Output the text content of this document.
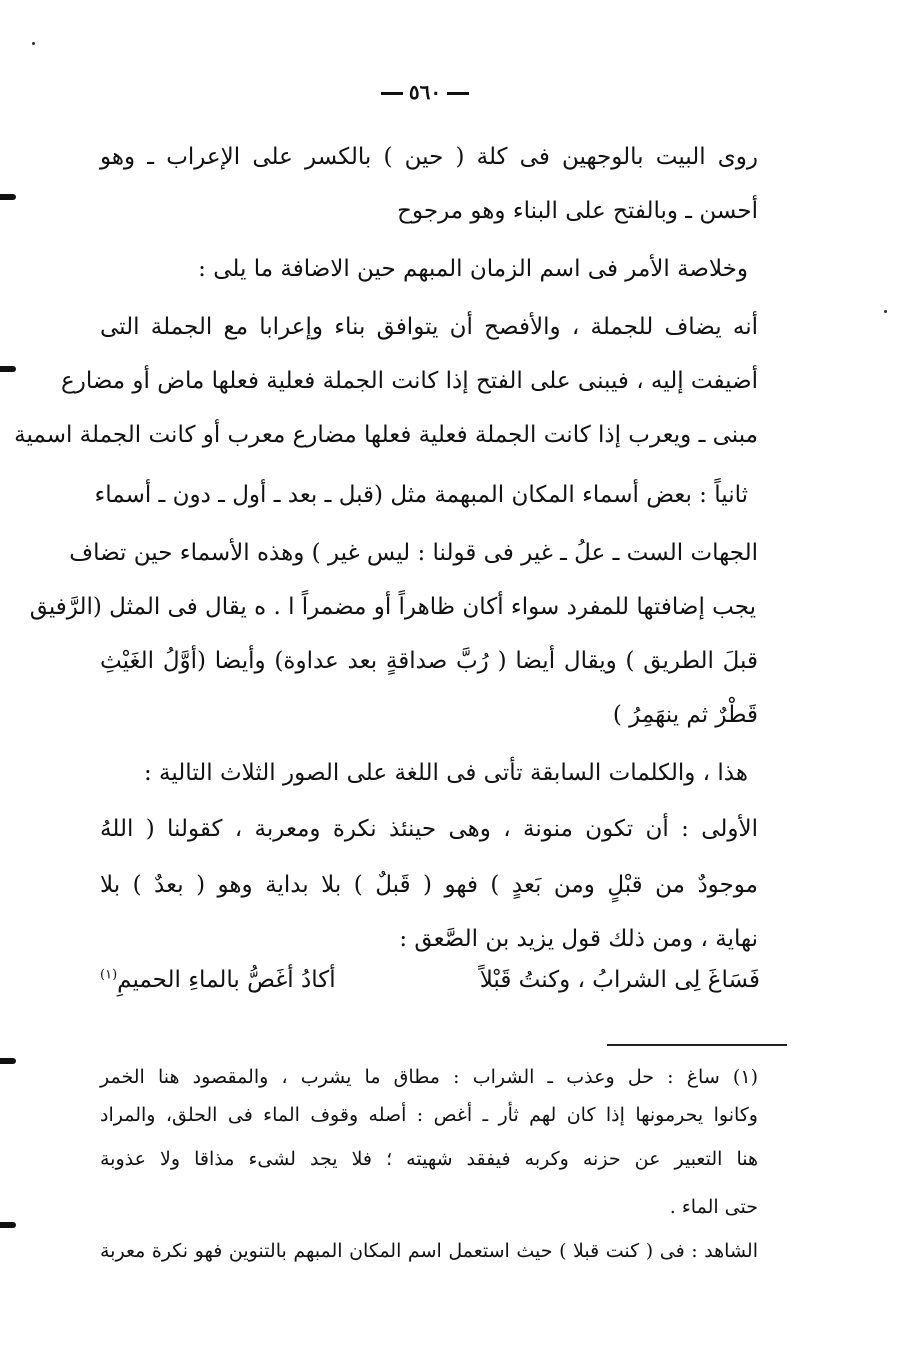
٥٦٠
روى البيت بالوجهين فى كلة ( حين ) بالكسر على الإعراب ـ وهو
أحسن ـ وبالفتح على البناء وهو مرجوح
وخلاصة الأمر فى اسم الزمان المبهم حين الاضافة ما يلى :
أنه يضاف للجملة ، والأفصح أن يتوافق بناء وإعرابا مع الجملة التى
أضيفت إليه ، فيبنى على الفتح إذا كانت الجملة فعلية فعلها ماض أو مضارع
مبنى ـ ويعرب إذا كانت الجملة فعلية فعلها مضارع معرب أو كانت الجملة اسمية
ثانياً : بعض أسماء المكان المبهمة مثل (قبل ـ بعد ـ أول ـ دون ـ أسماء
الجهات الست ـ علُ ـ غير فى قولنا : ليس غير ) وهذه الأسماء حين تضاف
يجب إضافتها للمفرد سواء أكان ظاهراً أو مضمراً ا . ه يقال فى المثل (الرَّفيق
قبلَ الطريق ) ويقال أيضا ( رُبَّ صداقةٍ بعد عداوة) وأيضا (أوَّلُ الغَيْثِ
قَطْرٌ ثم ينهَمِرُ )
هذا ، والكلمات السابقة تأتى فى اللغة على الصور الثلاث التالية :
الأولى : أن تكون منونة ، وهى حينئذ نكرة ومعربة ، كقولنا ( اللهُ
موجودٌ من قبْلٍ ومن بَعدٍ ) فهو ( قَبلٌ ) بلا بداية وهو ( بعدٌ ) بلا
نهاية ، ومن ذلك قول يزيد بن الصَّعق :
فَسَاغَ لِى الشرابُ ، وكنتُ قَبْلاً
أكادُ أغَصُّ بالماءِ الحميمِ$^{(١)}$
(١) ساغ : حل وعذب ـ الشراب : مطاق ما يشرب ، والمقصود هنا الخمر
وكانوا يحرمونها إذا كان لهم ثأر ـ أغص : أصله وقوف الماء فى الحلق، والمراد
هنا التعبير عن حزنه وكربه فيفقد شهيته ؛ فلا يجد لشىء مذاقا ولا عذوبة
حتى الماء .
الشاهد : فى ( كنت قبلا ) حيث استعمل اسم المكان المبهم بالتنوين فهو نكرة معربة
